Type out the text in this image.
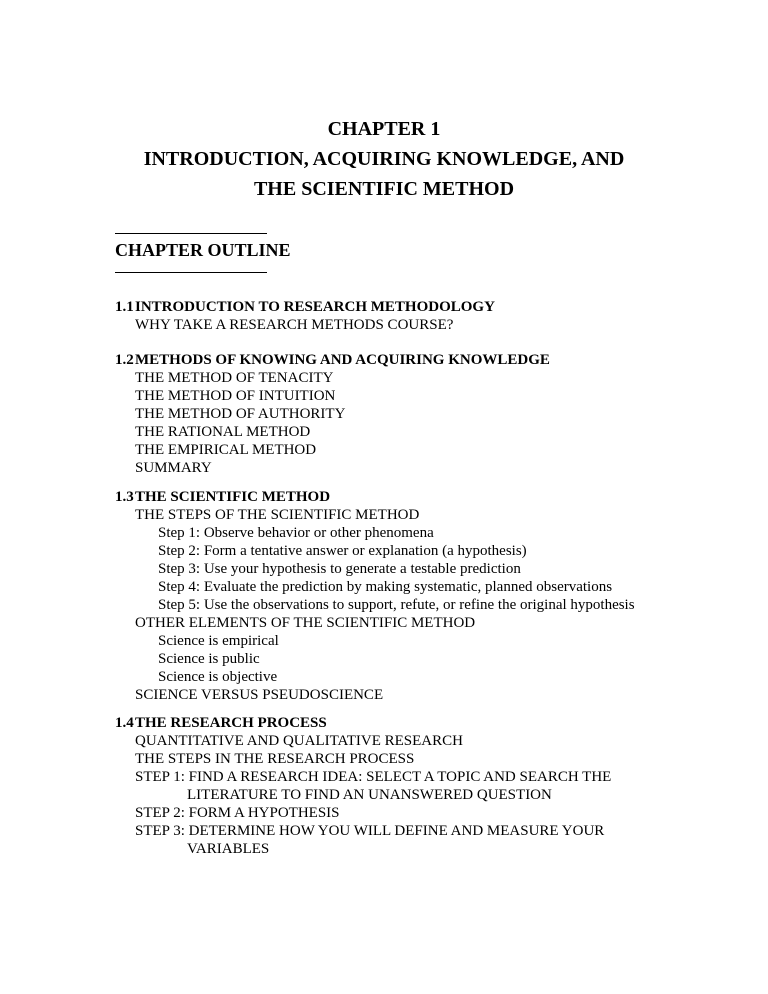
CHAPTER 1
INTRODUCTION, ACQUIRING KNOWLEDGE, AND
THE SCIENTIFIC METHOD
CHAPTER OUTLINE
1.1 INTRODUCTION TO RESEARCH METHODOLOGY
WHY TAKE A RESEARCH METHODS COURSE?
1.2 METHODS OF KNOWING AND ACQUIRING KNOWLEDGE
THE METHOD OF TENACITY
THE METHOD OF INTUITION
THE METHOD OF AUTHORITY
THE RATIONAL METHOD
THE EMPIRICAL METHOD
SUMMARY
1.3 THE SCIENTIFIC METHOD
THE STEPS OF THE SCIENTIFIC METHOD
Step 1: Observe behavior or other phenomena
Step 2: Form a tentative answer or explanation (a hypothesis)
Step 3: Use your hypothesis to generate a testable prediction
Step 4: Evaluate the prediction by making systematic, planned observations
Step 5: Use the observations to support, refute, or refine the original hypothesis
OTHER ELEMENTS OF THE SCIENTIFIC METHOD
Science is empirical
Science is public
Science is objective
SCIENCE VERSUS PSEUDOSCIENCE
1.4 THE RESEARCH PROCESS
QUANTITATIVE AND QUALITATIVE RESEARCH
THE STEPS IN THE RESEARCH PROCESS
STEP 1: FIND A RESEARCH IDEA: SELECT A TOPIC AND SEARCH THE
LITERATURE TO FIND AN UNANSWERED QUESTION
STEP 2: FORM A HYPOTHESIS
STEP 3: DETERMINE HOW YOU WILL DEFINE AND MEASURE YOUR
VARIABLES
